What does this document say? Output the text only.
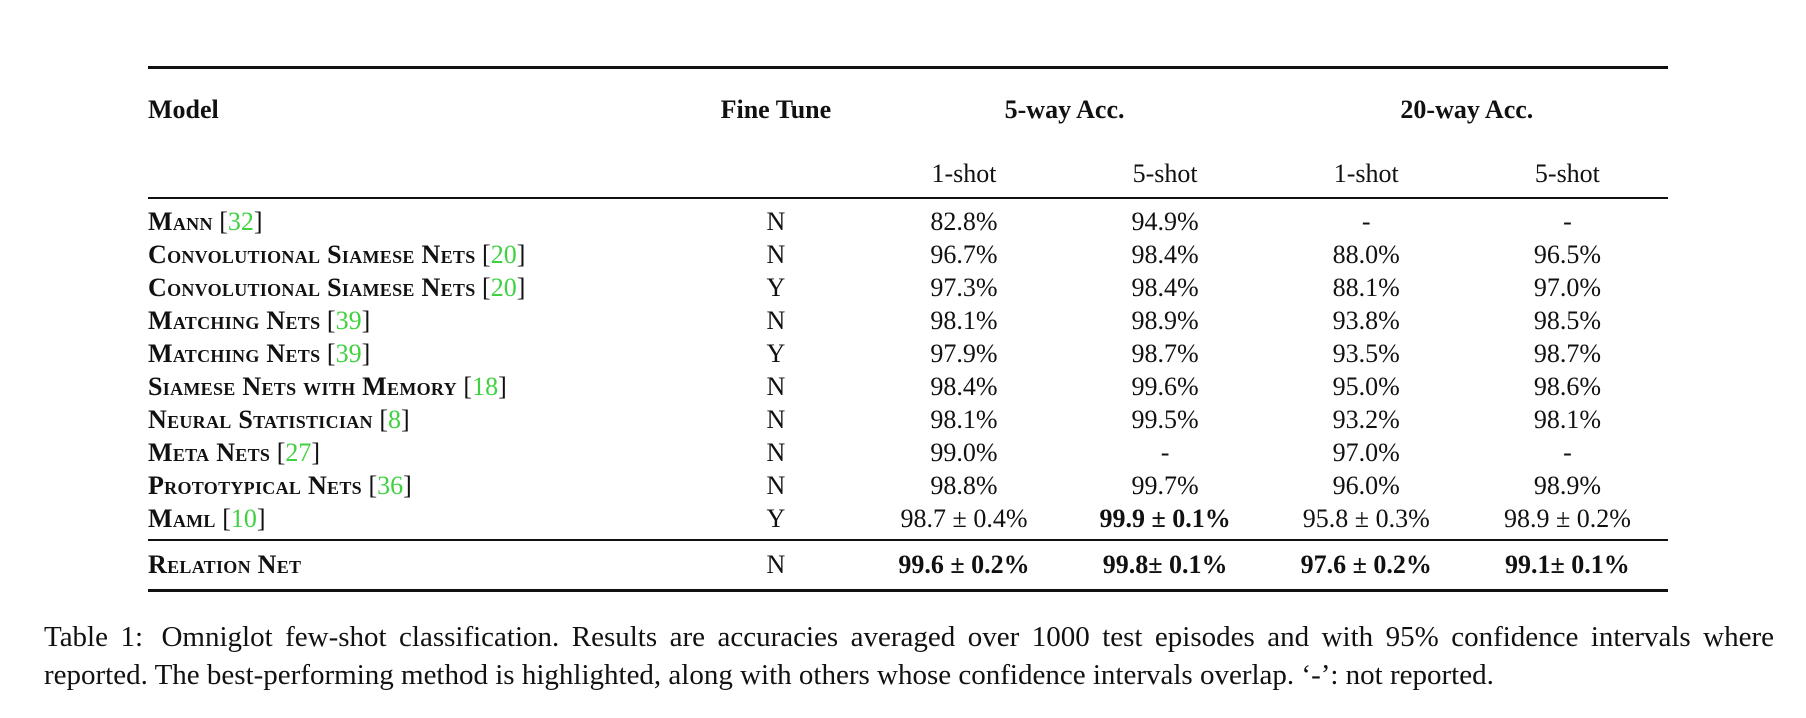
Model	Fine Tune	5-way Acc.		20-way Acc.	
		1-shot	5-shot	1-shot	5-shot
Mann [32]	N	82.8%	94.9%	-	-
Convolutional Siamese Nets [20]	N	96.7%	98.4%	88.0%	96.5%
Convolutional Siamese Nets [20]	Y	97.3%	98.4%	88.1%	97.0%
Matching Nets [39]	N	98.1%	98.9%	93.8%	98.5%
Matching Nets [39]	Y	97.9%	98.7%	93.5%	98.7%
Siamese Nets with Memory [18]	N	98.4%	99.6%	95.0%	98.6%
Neural Statistician [8]	N	98.1%	99.5%	93.2%	98.1%
Meta Nets [27]	N	99.0%	-	97.0%	-
Prototypical Nets [36]	N	98.8%	99.7%	96.0%	98.9%
Maml [10]	Y	98.7 ± 0.4%	99.9 ± 0.1%	95.8 ± 0.3%	98.9 ± 0.2%
Relation Net	N	99.6 ± 0.2%	99.8± 0.1%	97.6 ± 0.2%	99.1± 0.1%
Table 1: Omniglot few-shot classification. Results are accuracies averaged over 1000 test episodes and with 95% confidence intervals where reported. The best-performing method is highlighted, along with others whose confidence intervals overlap. ‘-’: not reported.
